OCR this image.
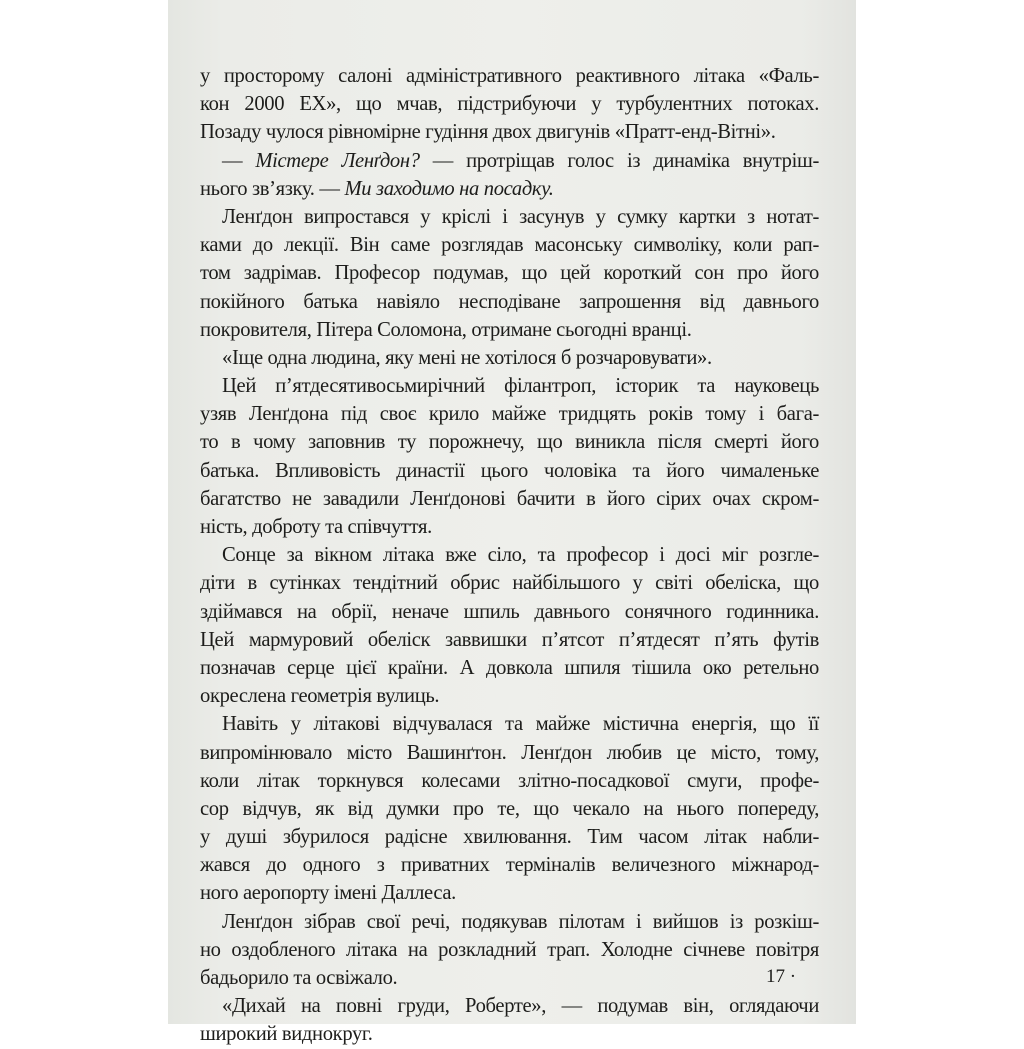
у просторому салоні адміністративного реактивного літака «Фаль-
кон 2000 ЕХ», що мчав, підстрибуючи у турбулентних потоках.
Позаду чулося рівномірне гудіння двох двигунів «Пратт-енд-Вітні».
— Містере Ленґдон? — протріщав голос із динаміка внутріш-
нього зв’язку. — Ми заходимо на посадку.
Ленґдон випростався у кріслі і засунув у сумку картки з нотат-
ками до лекції. Він саме розглядав масонську символіку, коли рап-
том задрімав. Професор подумав, що цей короткий сон про його
покійного батька навіяло несподіване запрошення від давнього
покровителя, Пітера Соломона, отримане сьогодні вранці.
«Іще одна людина, яку мені не хотілося б розчаровувати».
Цей п’ятдесятивосьмирічний філантроп, історик та науковець
узяв Ленґдона під своє крило майже тридцять років тому і бага-
то в чому заповнив ту порожнечу, що виникла після смерті його
батька. Впливовість династії цього чоловіка та його чималеньке
багатство не завадили Ленґдонові бачити в його сірих очах скром-
ність, доброту та співчуття.
Сонце за вікном літака вже сіло, та професор і досі міг розгле-
діти в сутінках тендітний обрис найбільшого у світі обеліска, що
здіймався на обрії, неначе шпиль давнього сонячного годинника.
Цей мармуровий обеліск заввишки п’ятсот п’ятдесят п’ять футів
позначав серце цієї країни. А довкола шпиля тішила око ретельно
окреслена геометрія вулиць.
Навіть у літакові відчувалася та майже містична енергія, що її
випромінювало місто Вашинґтон. Ленґдон любив це місто, тому,
коли літак торкнувся колесами злітно-посадкової смуги, профе-
сор відчув, як від думки про те, що чекало на нього попереду,
у душі збурилося радісне хвилювання. Тим часом літак набли-
жався до одного з приватних терміналів величезного міжнарод-
ного аеропорту імені Даллеса.
Ленґдон зібрав свої речі, подякував пілотам і вийшов із розкіш-
но оздобленого літака на розкладний трап. Холодне січневе повітря
бадьорило та освіжало.
«Дихай на повні груди, Роберте», — подумав він, оглядаючи
широкий виднокруг.
17 ·
